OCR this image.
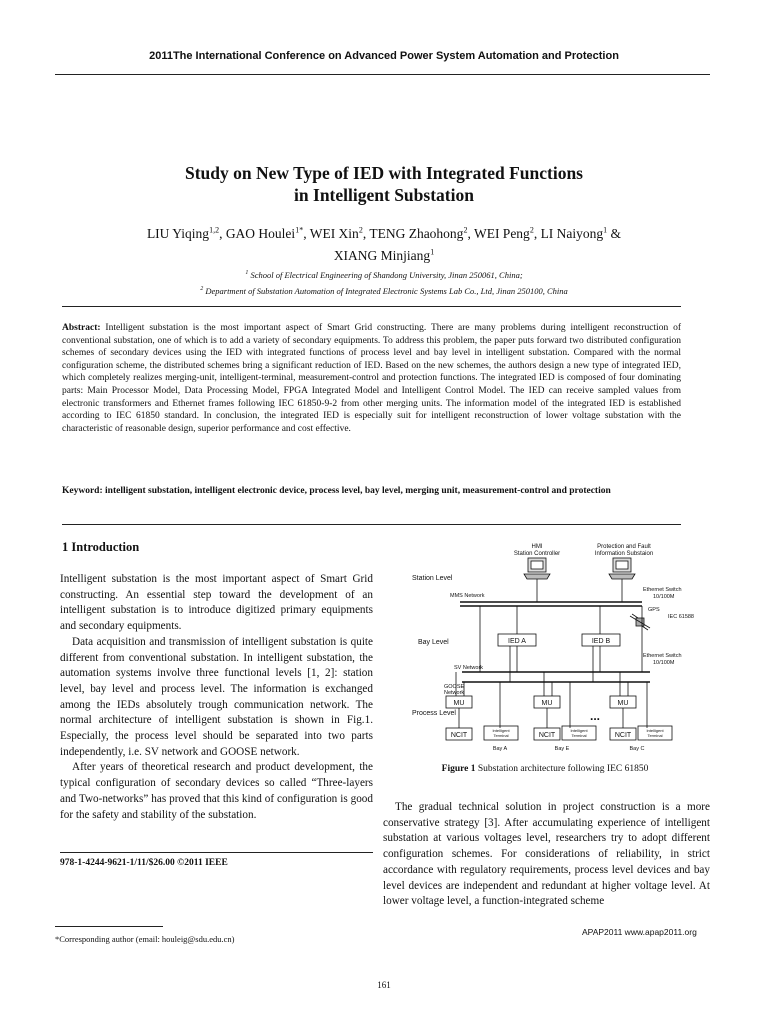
2011The International Conference on Advanced Power System Automation and Protection
Study on New Type of IED with Integrated Functions
in Intelligent Substation
LIU Yiqing$^{1,2}$, GAO Houlei$^{1*}$, WEI Xin$^2$, TENG Zhaohong$^2$, WEI Peng$^2$, LI Naiyong$^1$ &
XIANG Minjiang$^1$
$^1$ School of Electrical Engineering of Shandong University, Jinan 250061, China;
$^2$ Department of Substation Automation of Integrated Electronic Systems Lab Co., Ltd, Jinan 250100, China
Abstract: Intelligent substation is the most important aspect of Smart Grid constructing. There are many problems during intelligent reconstruction of conventional substation, one of which is to add a variety of secondary equipments. To address this problem, the paper puts forward two distributed configuration schemes of secondary devices using the IED with integrated functions of process level and bay level in intelligent substation. Compared with the normal configuration scheme, the distributed schemes bring a significant reduction of IED. Based on the new schemes, the authors design a new type of integrated IED, which completely realizes merging-unit, intelligent-terminal, measurement-control and protection functions. The integrated IED is composed of four dominating parts: Main Processor Model, Data Processing Model, FPGA Integrated Model and Intelligent Control Model. The IED can receive sampled values from electronic transformers and Ethernet frames following IEC 61850-9-2 from other merging units. The information model of the integrated IED is established according to IEC 61850 standard. In conclusion, the integrated IED is especially suit for intelligent reconstruction of lower voltage substation with the characteristic of reasonable design, superior performance and cost effective.
Keyword: intelligent substation, intelligent electronic device, process level, bay level, merging unit, measurement-control and protection
1 Introduction

Intelligent substation is the most important aspect of Smart Grid constructing. An essential step toward the development of an intelligent substation is to introduce digitized primary equipments and secondary equipments.

Data acquisition and transmission of intelligent substation is quite different from conventional substation. In intelligent substation, the automation systems involve three functional levels [1, 2]: station level, bay level and process level. The information is exchanged among the IEDs absolutely trough communication network. The normal architecture of intelligent substation is shown in Fig.1. Especially, the process level should be separated into two parts independently, i.e. SV network and GOOSE network.

After years of theoretical research and product development, the typical configuration of secondary devices so called “Three-layers and Two-networks” has proved that this kind of configuration is good for the safety and stability of the substation.

978-1-4244-9621-1/11/$26.00 ©2011 IEEE
*Corresponding author (email: houleig@sdu.edu.cn)
HMI
Station Controller
Protection and Fault
Information Substaion
Station Level
MMS Network
Ethernet Switch
10/100M
GPS
IEC 61588
Bay Level	IED A	IED B
Ethernet Switch
10/100M
SV Network
GOOSE
Network
Process Level
MU	MU	MU
...
NCIT	NCIT	NCIT
Intelligent
Terminal
Intelligent
Terminal
Intelligent
Terminal
Bay A	Bay E	Bay C
Figure 1 Substation architecture following IEC 61850

The gradual technical solution in project construction is a more conservative strategy [3]. After accumulating experience of intelligent substation at various voltages level, researchers try to adopt different configuration schemes. For considerations of reliability, in strict accordance with regulatory requirements, process level devices and bay level devices are independent and redundant at higher voltage level. At lower voltage level, a function-integrated scheme

APAP2011 www.apap2011.org
161
